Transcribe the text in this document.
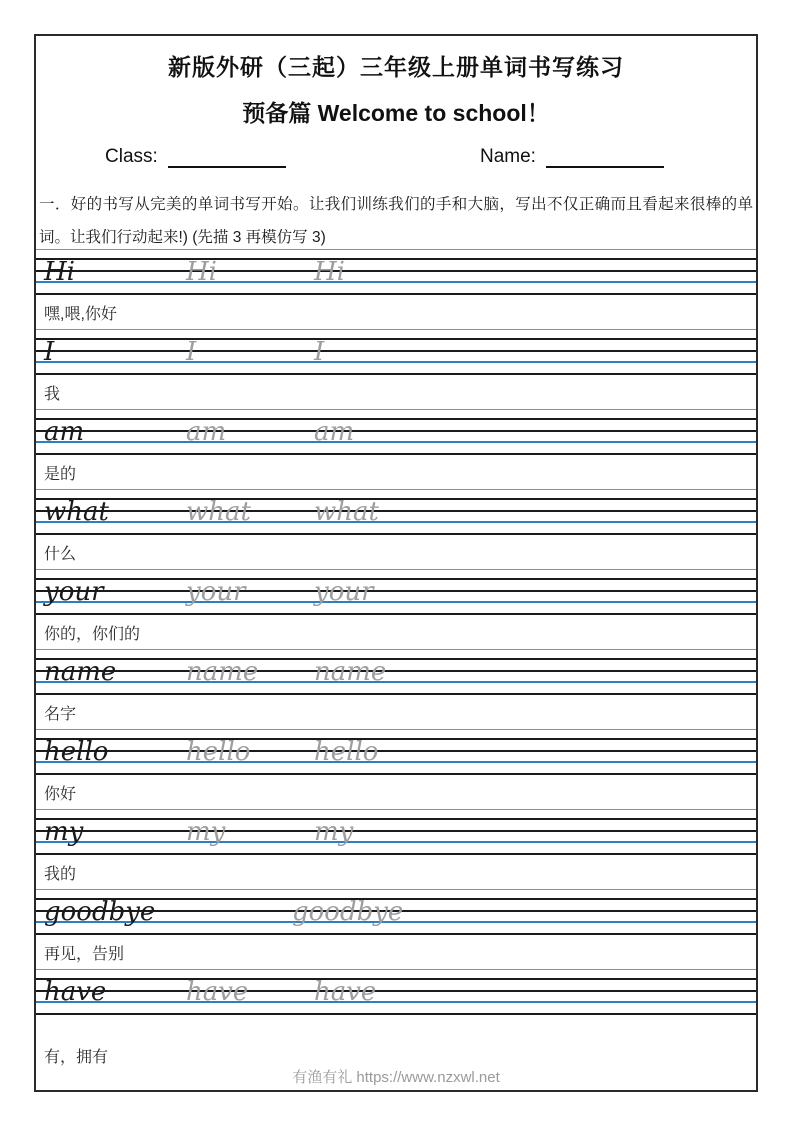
新版外研（三起）三年级上册单词书写练习
预备篇 Welcome to school！
Class:	Name:
一．好的书写从完美的单词书写开始。让我们训练我们的手和大脑，写出不仅正确而且看起来很棒的单词。让我们行动起来!) (先描 3 再模仿写 3)
Hi	Hi	Hi
嘿,喂,你好
I	I	I
我
am	am	am
是的
what	what what
什么
your	your	your
你的，你们的
name	name name
名字
hello	hello hello
你好
my	my	my
我的
goodbye	goodbye
再见，告别
have	have	have
有，拥有
有渔有礼 https://www.nzxwl.net
